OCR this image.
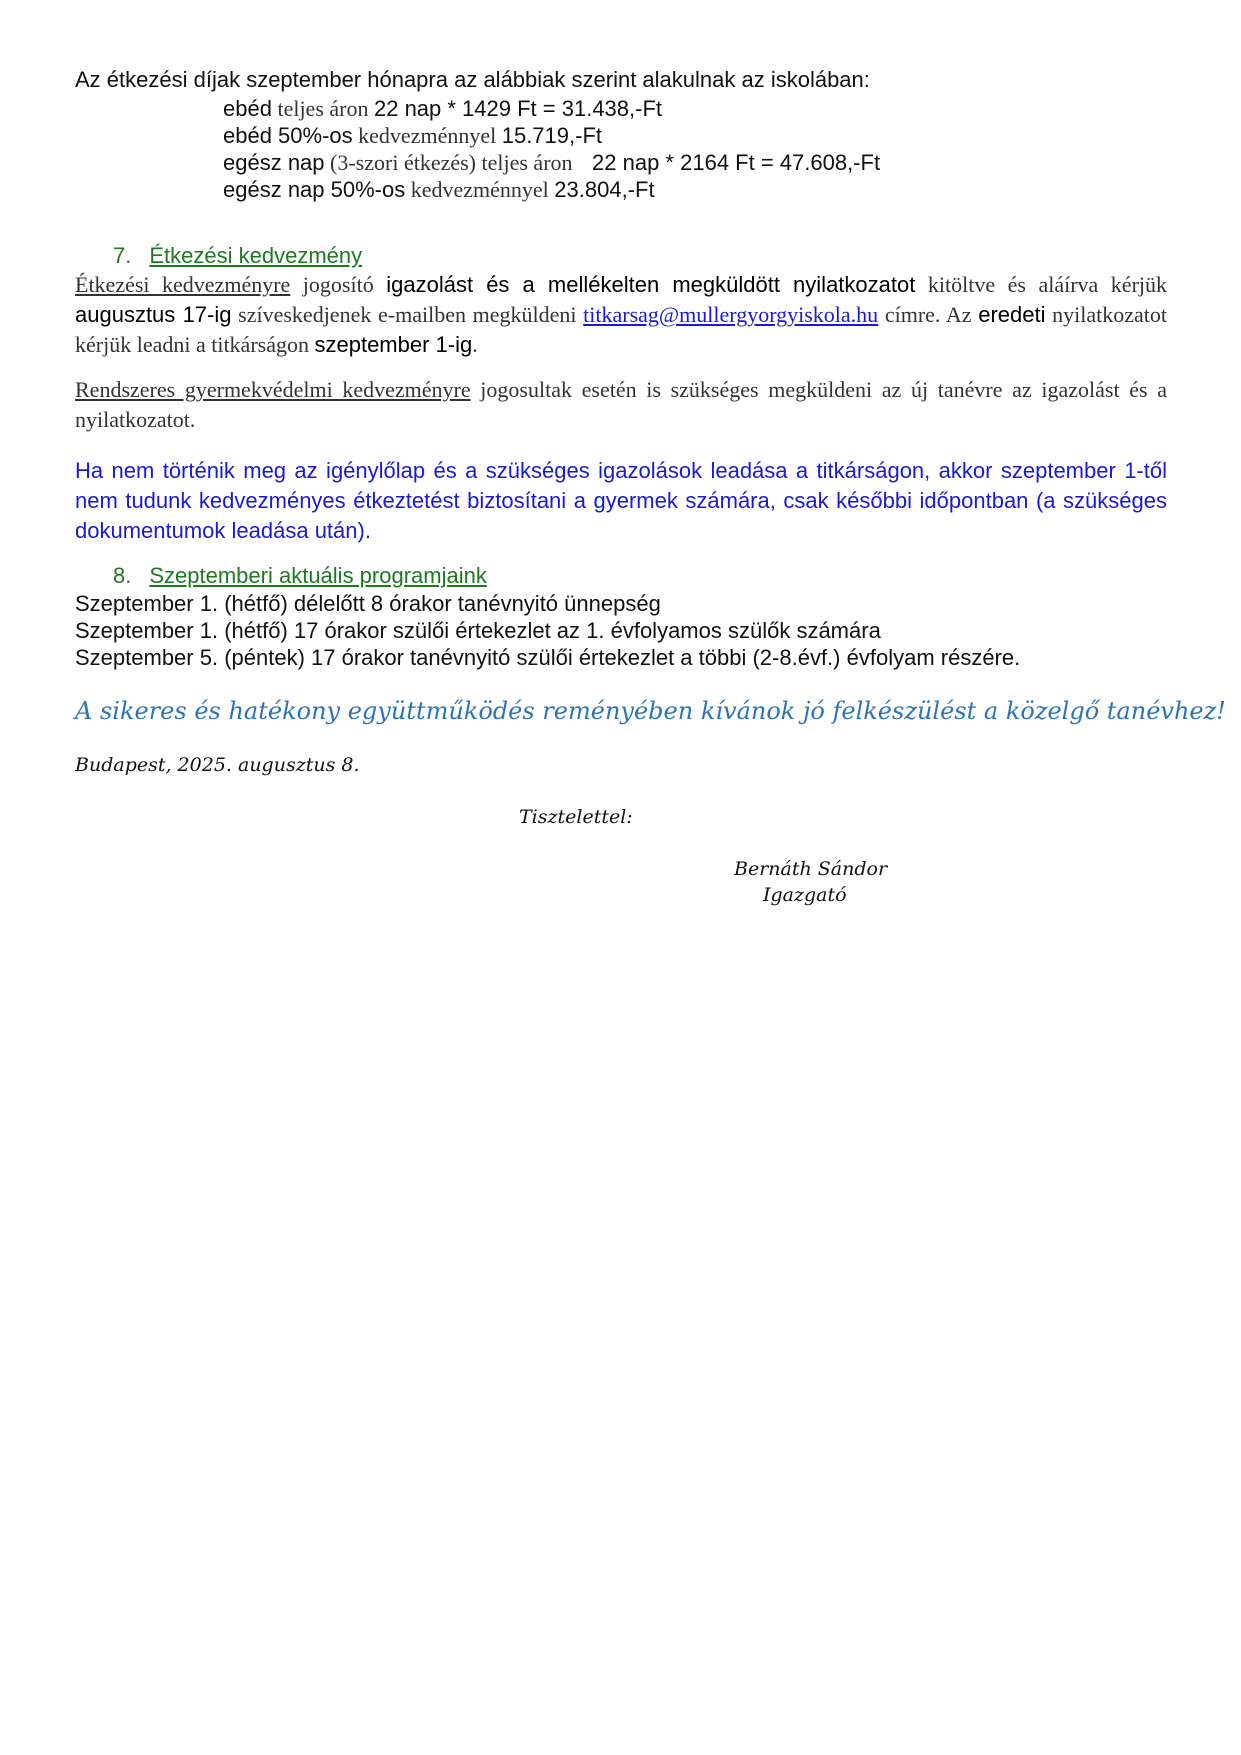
Az étkezési díjak szeptember hónapra az alábbiak szerint alakulnak az iskolában:
ebéd teljes áron 22 nap * 1429 Ft = 31.438,-Ft
ebéd 50%-os kedvezménnyel 15.719,-Ft
egész nap (3-szori étkezés) teljes áron 22 nap * 2164 Ft = 47.608,-Ft
egész nap 50%-os kedvezménnyel 23.804,-Ft
7. Étkezési kedvezmény
Étkezési kedvezményre jogosító igazolást és a mellékelten megküldött nyilatkozatot kitöltve és aláírva kérjük augusztus 17-ig szíveskedjenek e-mailben megküldeni titkarsag@mullergyorgyiskola.hu címre. Az eredeti nyilatkozatot kérjük leadni a titkárságon szeptember 1-ig.
Rendszeres gyermekvédelmi kedvezményre jogosultak esetén is szükséges megküldeni az új tanévre az igazolást és a nyilatkozatot.
Ha nem történik meg az igénylőlap és a szükséges igazolások leadása a titkárságon, akkor szeptember 1-től nem tudunk kedvezményes étkeztetést biztosítani a gyermek számára, csak későbbi időpontban (a szükséges dokumentumok leadása után).
8. Szeptemberi aktuális programjaink
Szeptember 1. (hétfő) délelőtt 8 órakor tanévnyitó ünnepség
Szeptember 1. (hétfő) 17 órakor szülői értekezlet az 1. évfolyamos szülők számára
Szeptember 5. (péntek) 17 órakor tanévnyitó szülői értekezlet a többi (2-8.évf.) évfolyam részére.
A sikeres és hatékony együttműködés reményében kívánok jó felkészülést a közelgő tanévhez!
Budapest, 2025. augusztus 8.
Tisztelettel:
Bernáth Sándor
Igazgató
